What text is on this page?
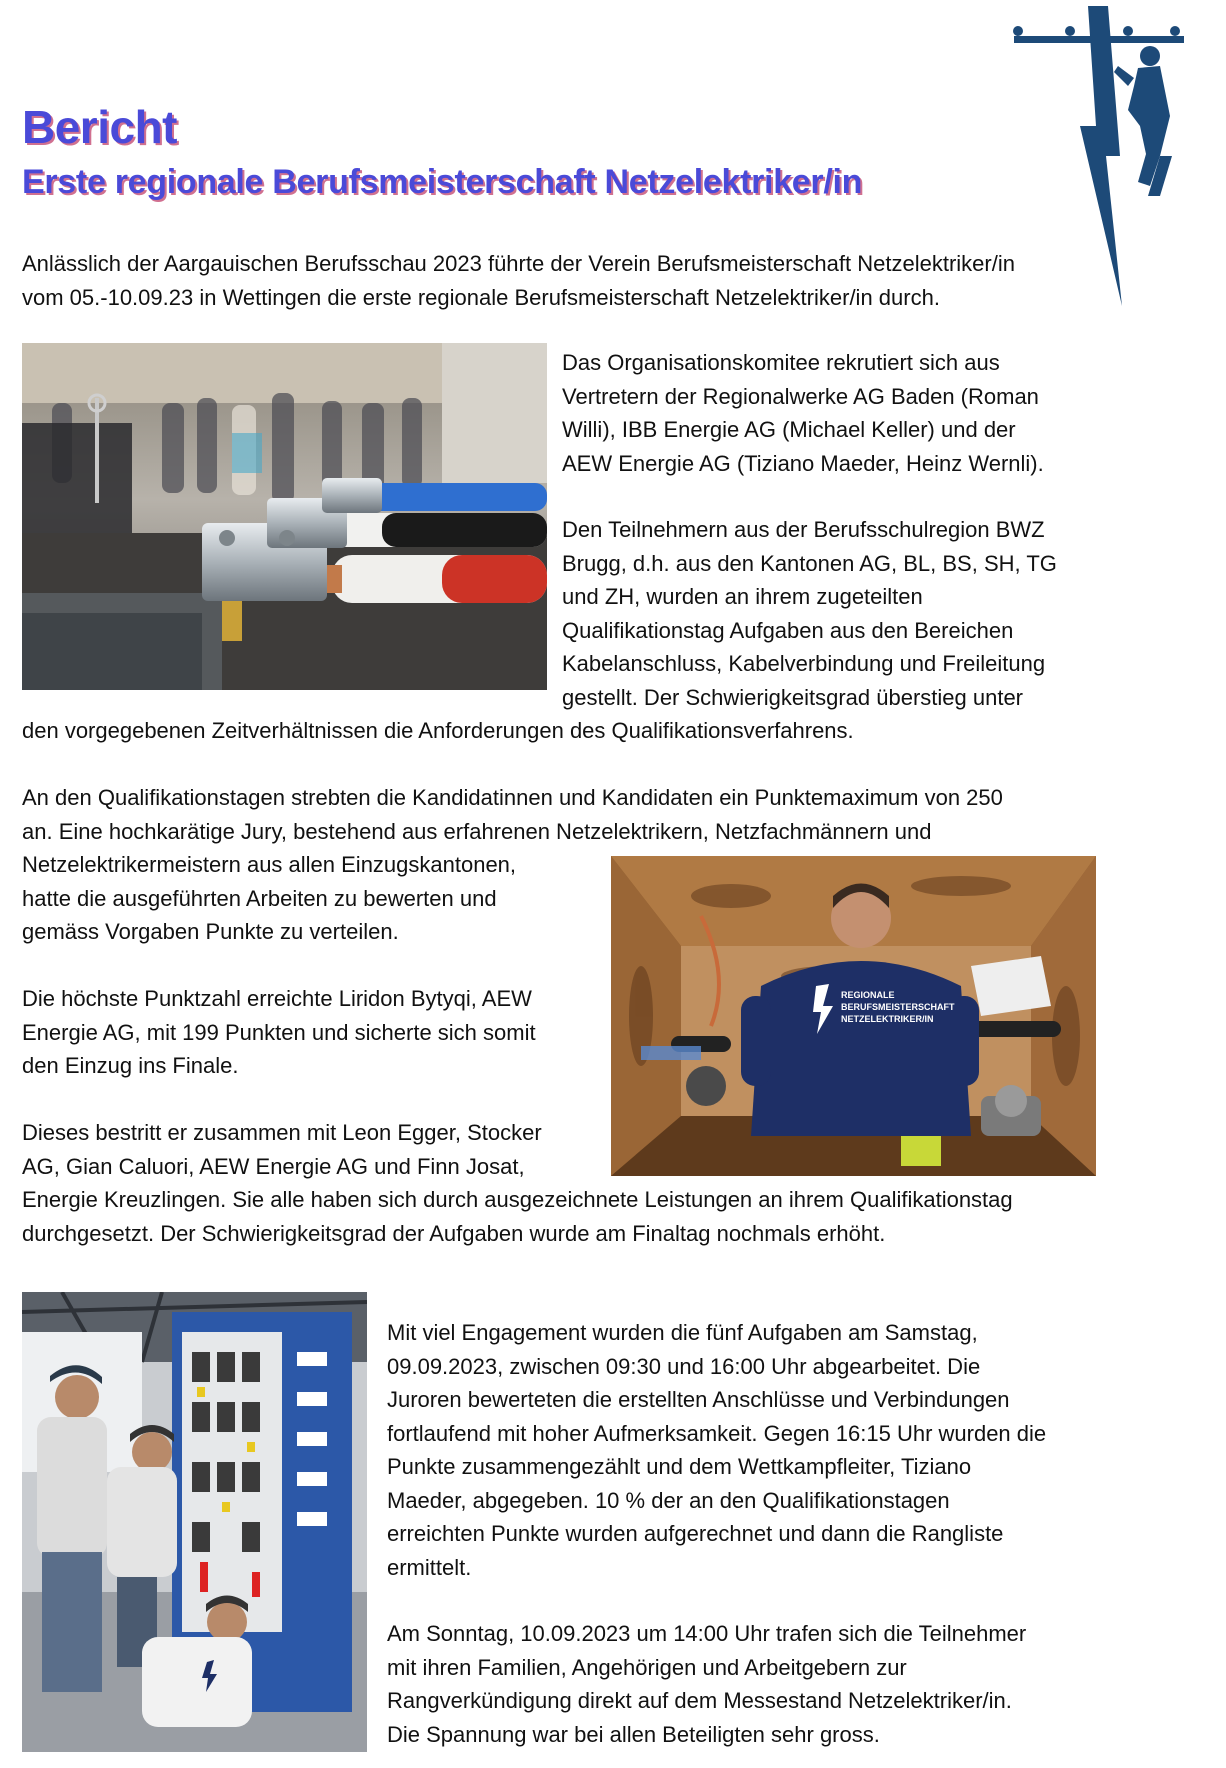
Bericht
Erste regionale Berufsmeisterschaft Netzelektriker/in

Anlässlich der Aargauischen Berufsschau 2023 führte der Verein Berufsmeisterschaft Netzelektriker/in

vom 05.-10.09.23 in Wettingen die erste regionale Berufsmeisterschaft Netzelektriker/in durch.

Das Organisationskomitee rekrutiert sich aus

Vertretern der Regionalwerke AG Baden (Roman

Willi), IBB Energie AG (Michael Keller) und der

AEW Energie AG (Tiziano Maeder, Heinz Wernli).

Den Teilnehmern aus der Berufsschulregion BWZ

Brugg, d.h. aus den Kantonen AG, BL, BS, SH, TG

und ZH, wurden an ihrem zugeteilten

Qualifikationstag Aufgaben aus den Bereichen

Kabelanschluss, Kabelverbindung und Freileitung

gestellt. Der Schwierigkeitsgrad überstieg unter

den vorgegebenen Zeitverhältnissen die Anforderungen des Qualifikationsverfahrens.

An den Qualifikationstagen strebten die Kandidatinnen und Kandidaten ein Punktemaximum von 250

an. Eine hochkarätige Jury, bestehend aus erfahrenen Netzelektrikern, Netzfachmännern und

Netzelektrikermeistern aus allen Einzugskantonen,

hatte die ausgeführten Arbeiten zu bewerten und

gemäss Vorgaben Punkte zu verteilen.

REGIONALE
BERUFSMEISTERSCHAFT
NETZELEKTRIKER/IN

Die höchste Punktzahl erreichte Liridon Bytyqi, AEW

Energie AG, mit 199 Punkten und sicherte sich somit

den Einzug ins Finale.

Dieses bestritt er zusammen mit Leon Egger, Stocker

AG, Gian Caluori, AEW Energie AG und Finn Josat,

Energie Kreuzlingen. Sie alle haben sich durch ausgezeichnete Leistungen an ihrem Qualifikationstag

durchgesetzt. Der Schwierigkeitsgrad der Aufgaben wurde am Finaltag nochmals erhöht.

Mit viel Engagement wurden die fünf Aufgaben am Samstag,

09.09.2023, zwischen 09:30 und 16:00 Uhr abgearbeitet. Die

Juroren bewerteten die erstellten Anschlüsse und Verbindungen

fortlaufend mit hoher Aufmerksamkeit. Gegen 16:15 Uhr wurden die

Punkte zusammengezählt und dem Wettkampfleiter, Tiziano

Maeder, abgegeben. 10 % der an den Qualifikationstagen

erreichten Punkte wurden aufgerechnet und dann die Rangliste

ermittelt.

Am Sonntag, 10.09.2023 um 14:00 Uhr trafen sich die Teilnehmer

mit ihren Familien, Angehörigen und Arbeitgebern zur

Rangverkündigung direkt auf dem Messestand Netzelektriker/in.

Die Spannung war bei allen Beteiligten sehr gross.
